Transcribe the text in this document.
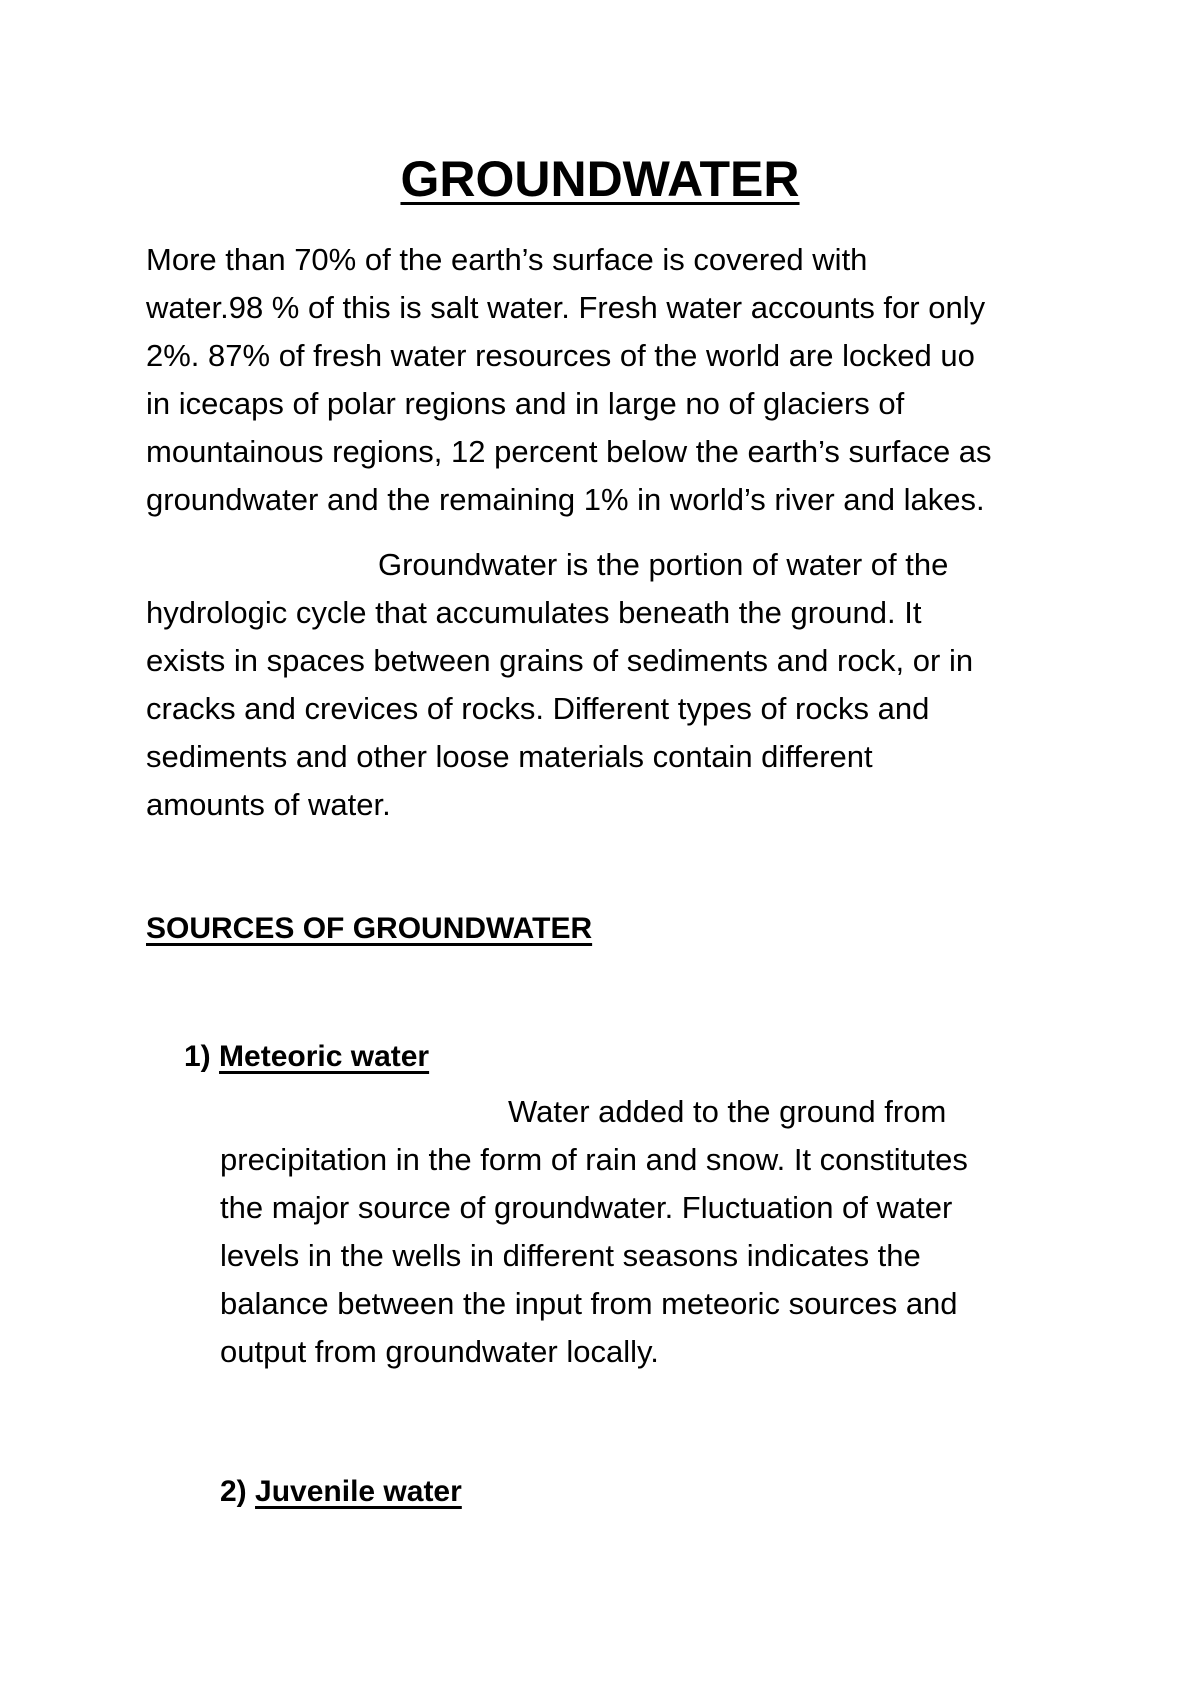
GROUNDWATER

More than 70% of the earth’s surface is covered with
water.98 % of this is salt water. Fresh water accounts for only
2%. 87% of fresh water resources of the world are locked uo
in icecaps of polar regions and in large no of glaciers of
mountainous regions, 12 percent below the earth’s surface as
groundwater and the remaining 1% in world’s river and lakes.

Groundwater is the portion of water of the
hydrologic cycle that accumulates beneath the ground. It
exists in spaces between grains of sediments and rock, or in
cracks and crevices of rocks. Different types of rocks and
sediments and other loose materials contain different
amounts of water.

SOURCES OF GROUNDWATER
1) Meteoric water

Water added to the ground from
precipitation in the form of rain and snow. It constitutes
the major source of groundwater. Fluctuation of water
levels in the wells in different seasons indicates the
balance between the input from meteoric sources and
output from groundwater locally.

2) Juvenile water
